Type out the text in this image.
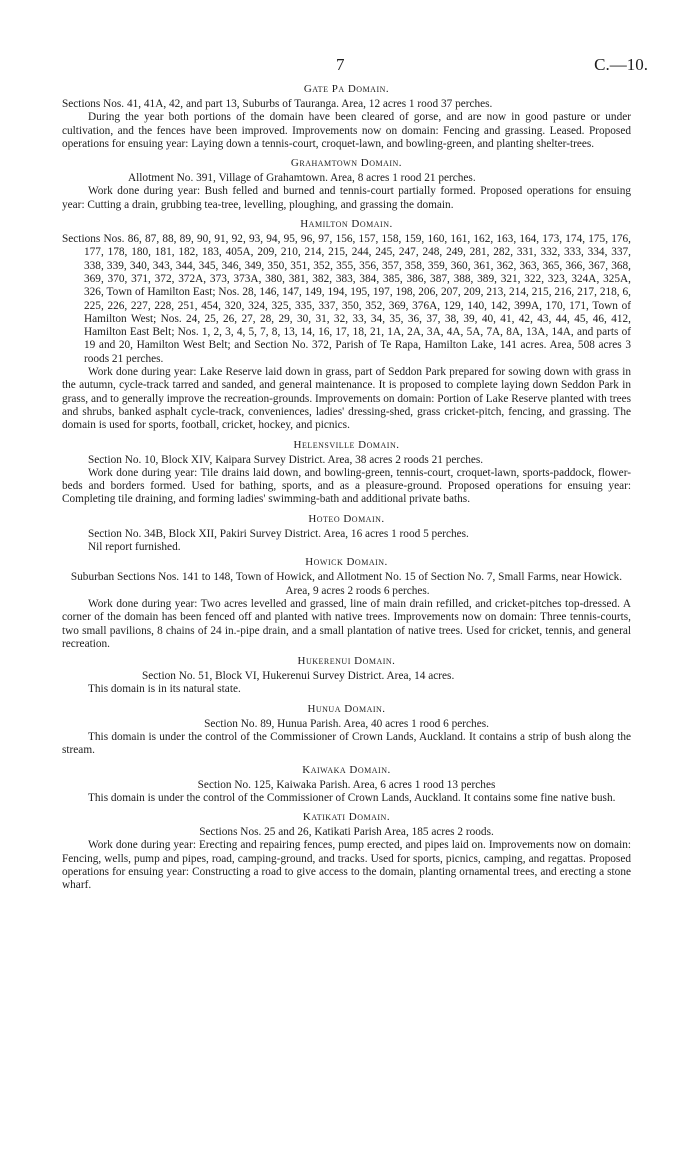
7	C.—10.
Gate Pa Domain.

Sections Nos. 41, 41A, 42, and part 13, Suburbs of Tauranga. Area, 12 acres 1 rood 37 perches.

During the year both portions of the domain have been cleared of gorse, and are now in good pasture or under cultivation, and the fences have been improved. Improvements now on domain: Fencing and grassing. Leased. Proposed operations for ensuing year: Laying down a tennis-court, croquet-lawn, and bowling-green, and planting shelter-trees.

Grahamtown Domain.

Allotment No. 391, Village of Grahamtown. Area, 8 acres 1 rood 21 perches.

Work done during year: Bush felled and burned and tennis-court partially formed. Proposed operations for ensuing year: Cutting a drain, grubbing tea-tree, levelling, ploughing, and grassing the domain.

Hamilton Domain.

Sections Nos. 86, 87, 88, 89, 90, 91, 92, 93, 94, 95, 96, 97, 156, 157, 158, 159, 160, 161, 162, 163, 164, 173, 174, 175, 176, 177, 178, 180, 181, 182, 183, 405A, 209, 210, 214, 215, 244, 245, 247, 248, 249, 281, 282, 331, 332, 333, 334, 337, 338, 339, 340, 343, 344, 345, 346, 349, 350, 351, 352, 355, 356, 357, 358, 359, 360, 361, 362, 363, 365, 366, 367, 368, 369, 370, 371, 372, 372A, 373, 373A, 380, 381, 382, 383, 384, 385, 386, 387, 388, 389, 321, 322, 323, 324A, 325A, 326, Town of Hamilton East; Nos. 28, 146, 147, 149, 194, 195, 197, 198, 206, 207, 209, 213, 214, 215, 216, 217, 218, 6, 225, 226, 227, 228, 251, 454, 320, 324, 325, 335, 337, 350, 352, 369, 376A, 129, 140, 142, 399A, 170, 171, Town of Hamilton West; Nos. 24, 25, 26, 27, 28, 29, 30, 31, 32, 33, 34, 35, 36, 37, 38, 39, 40, 41, 42, 43, 44, 45, 46, 412, Hamilton East Belt; Nos. 1, 2, 3, 4, 5, 7, 8, 13, 14, 16, 17, 18, 21, 1A, 2A, 3A, 4A, 5A, 7A, 8A, 13A, 14A, and parts of 19 and 20, Hamilton West Belt; and Section No. 372, Parish of Te Rapa, Hamilton Lake, 141 acres. Area, 508 acres 3 roods 21 perches.

Work done during year: Lake Reserve laid down in grass, part of Seddon Park prepared for sowing down with grass in the autumn, cycle-track tarred and sanded, and general maintenance. It is proposed to complete laying down Seddon Park in grass, and to generally improve the recreation-grounds. Improvements on domain: Portion of Lake Reserve planted with trees and shrubs, banked asphalt cycle-track, conveniences, ladies' dressing-shed, grass cricket-pitch, fencing, and grassing. The domain is used for sports, football, cricket, hockey, and picnics.

Helensville Domain.

Section No. 10, Block XIV, Kaipara Survey District. Area, 38 acres 2 roods 21 perches.

Work done during year: Tile drains laid down, and bowling-green, tennis-court, croquet-lawn, sports-paddock, flower-beds and borders formed. Used for bathing, sports, and as a pleasure-ground. Proposed operations for ensuing year: Completing tile draining, and forming ladies' swimming-bath and additional private baths.

Hoteo Domain.

Section No. 34B, Block XII, Pakiri Survey District. Area, 16 acres 1 rood 5 perches.

Nil report furnished.

Howick Domain.

Suburban Sections Nos. 141 to 148, Town of Howick, and Allotment No. 15 of Section No. 7, Small Farms, near Howick. Area, 9 acres 2 roods 6 perches.

Work done during year: Two acres levelled and grassed, line of main drain refilled, and cricket-pitches top-dressed. A corner of the domain has been fenced off and planted with native trees. Improvements now on domain: Three tennis-courts, two small pavilions, 8 chains of 24 in.-pipe drain, and a small plantation of native trees. Used for cricket, tennis, and general recreation.

Hukerenui Domain.

Section No. 51, Block VI, Hukerenui Survey District. Area, 14 acres.

This domain is in its natural state.

Hunua Domain.

Section No. 89, Hunua Parish. Area, 40 acres 1 rood 6 perches.

This domain is under the control of the Commissioner of Crown Lands, Auckland. It contains a strip of bush along the stream.

Kaiwaka Domain.

Section No. 125, Kaiwaka Parish. Area, 6 acres 1 rood 13 perches

This domain is under the control of the Commissioner of Crown Lands, Auckland. It contains some fine native bush.

Katikati Domain.

Sections Nos. 25 and 26, Katikati Parish Area, 185 acres 2 roods.

Work done during year: Erecting and repairing fences, pump erected, and pipes laid on. Improvements now on domain: Fencing, wells, pump and pipes, road, camping-ground, and tracks. Used for sports, picnics, camping, and regattas. Proposed operations for ensuing year: Constructing a road to give access to the domain, planting ornamental trees, and erecting a stone wharf.
